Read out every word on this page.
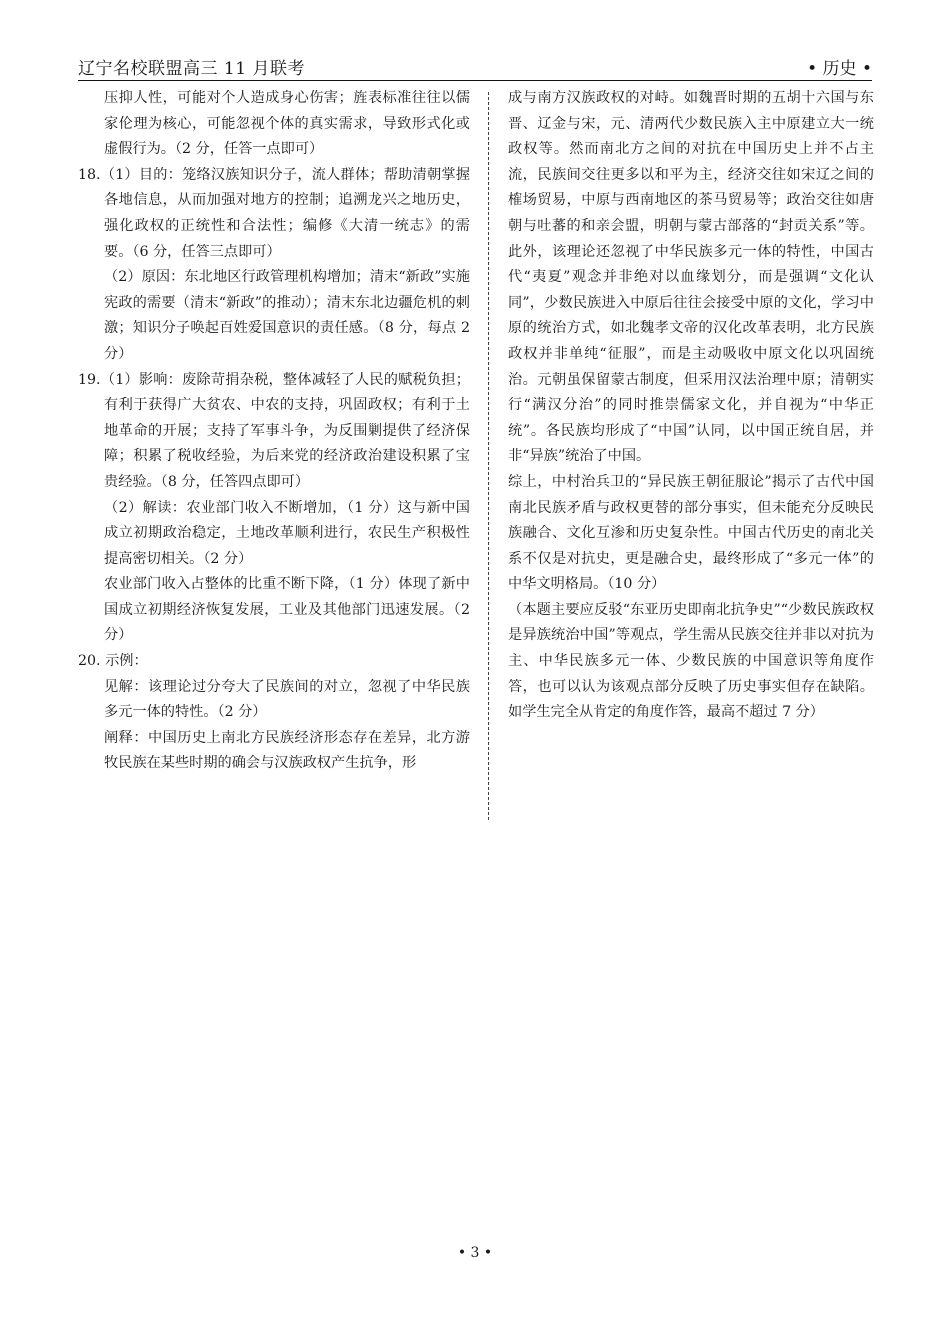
辽宁名校联盟高三 11 月联考	• 历史 •

压抑人性，可能对个人造成身心伤害；旌表标准往往以儒家伦理为核心，可能忽视个体的真实需求，导致形式化或虚假行为。（2 分，任答一点即可）

18.（1）目的：笼络汉族知识分子，流人群体；帮助清朝掌握各地信息，从而加强对地方的控制；追溯龙兴之地历史，强化政权的正统性和合法性；编修《大清一统志》的需要。（6 分，任答三点即可）

（2）原因：东北地区行政管理机构增加；清末“新政”实施宪政的需要（清末“新政”的推动）；清末东北边疆危机的刺激；知识分子唤起百姓爱国意识的责任感。（8 分，每点 2 分）

19.（1）影响：废除苛捐杂税，整体减轻了人民的赋税负担；有利于获得广大贫农、中农的支持，巩固政权；有利于土地革命的开展；支持了军事斗争，为反围剿提供了经济保障；积累了税收经验，为后来党的经济政治建设积累了宝贵经验。（8 分，任答四点即可）

（2）解读：农业部门收入不断增加，（1 分）这与新中国成立初期政治稳定，土地改革顺利进行，农民生产积极性提高密切相关。（2 分）

农业部门收入占整体的比重不断下降，（1 分）体现了新中国成立初期经济恢复发展，工业及其他部门迅速发展。（2 分）

20. 示例：

见解：该理论过分夸大了民族间的对立，忽视了中华民族多元一体的特性。（2 分）

阐释：中国历史上南北方民族经济形态存在差异，北方游牧民族在某些时期的确会与汉族政权产生抗争，形

成与南方汉族政权的对峙。如魏晋时期的五胡十六国与东晋、辽金与宋，元、清两代少数民族入主中原建立大一统政权等。然而南北方之间的对抗在中国历史上并不占主流，民族间交往更多以和平为主，经济交往如宋辽之间的榷场贸易，中原与西南地区的茶马贸易等；政治交往如唐朝与吐蕃的和亲会盟，明朝与蒙古部落的“封贡关系”等。此外，该理论还忽视了中华民族多元一体的特性，中国古代“夷夏”观念并非绝对以血缘划分，而是强调“文化认同”，少数民族进入中原后往往会接受中原的文化，学习中原的统治方式，如北魏孝文帝的汉化改革表明，北方民族政权并非单纯“征服”，而是主动吸收中原文化以巩固统治。元朝虽保留蒙古制度，但采用汉法治理中原；清朝实行“满汉分治”的同时推崇儒家文化，并自视为“中华正统”。各民族均形成了“中国”认同，以中国正统自居，并非“异族”统治了中国。

综上，中村治兵卫的“异民族王朝征服论”揭示了古代中国南北民族矛盾与政权更替的部分事实，但未能充分反映民族融合、文化互渗和历史复杂性。中国古代历史的南北关系不仅是对抗史，更是融合史，最终形成了“多元一体”的中华文明格局。（10 分）

（本题主要应反驳“东亚历史即南北抗争史”“少数民族政权是异族统治中国”等观点，学生需从民族交往并非以对抗为主、中华民族多元一体、少数民族的中国意识等角度作答，也可以认为该观点部分反映了历史事实但存在缺陷。如学生完全从肯定的角度作答，最高不超过 7 分）

• 3 •
